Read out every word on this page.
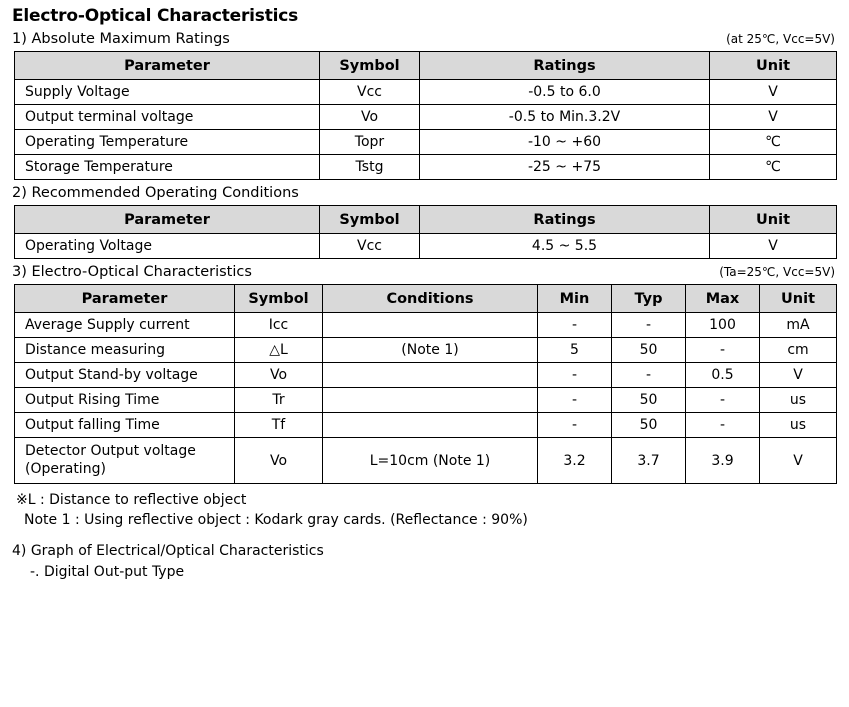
Electro-Optical Characteristics
1) Absolute Maximum Ratings	(at 25℃, Vcc=5V)
Parameter	Symbol	Ratings	Unit
Supply Voltage	Vcc	-0.5 to 6.0	V
Output terminal voltage	Vo	-0.5 to Min.3.2V	V
Operating Temperature	Topr	-10 ~ +60	℃
Storage Temperature	Tstg	-25 ~ +75	℃
2) Recommended Operating Conditions
Parameter	Symbol	Ratings	Unit
Operating Voltage	Vcc	4.5 ~ 5.5	V
3) Electro-Optical Characteristics	(Ta=25℃, Vcc=5V)
Parameter	Symbol	Conditions	Min	Typ	Max	Unit
Average Supply current	Icc		-	-	100	mA
Distance measuring	△L	(Note 1)	5	50	-	cm
Output Stand-by voltage	Vo		-	-	0.5	V
Output Rising Time	Tr		-	50	-	us
Output falling Time	Tf		-	50	-	us
Detector Output voltage (Operating)	Vo	L=10cm (Note 1)	3.2	3.7	3.9	V
※L : Distance to reflective object
Note 1 : Using reflective object : Kodark gray cards. (Reflectance : 90%)
4) Graph of Electrical/Optical Characteristics
-. Digital Out-put Type
